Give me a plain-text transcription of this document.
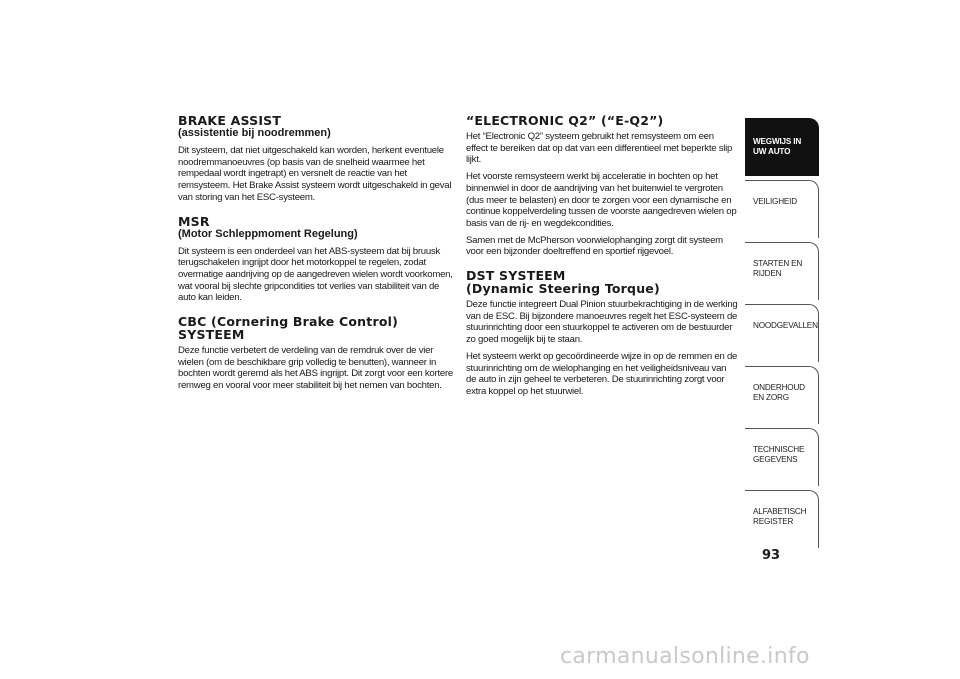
BRAKE ASSIST
(assistentie bij noodremmen)

Dit systeem, dat niet uitgeschakeld kan worden, herkent eventuele noodremmanoeuvres (op basis van de snelheid waarmee het rempedaal wordt ingetrapt) en versnelt de reactie van het remsysteem. Het Brake Assist systeem wordt uitgeschakeld in geval van storing van het ESC-systeem.

MSR
(Motor Schleppmoment Regelung)

Dit systeem is een onderdeel van het ABS-systeem dat bij bruusk terugschakelen ingrijpt door het motorkoppel te regelen, zodat overmatige aandrijving op de aangedreven wielen wordt voorkomen, wat vooral bij slechte gripcondities tot verlies van stabiliteit van de auto kan leiden.

CBC (Cornering Brake Control)
SYSTEEM

Deze functie verbetert de verdeling van de remdruk over de vier wielen (om de beschikbare grip volledig te benutten), wanneer in bochten wordt geremd als het ABS ingrijpt. Dit zorgt voor een kortere remweg en vooral voor meer stabiliteit bij het nemen van bochten.

“ELECTRONIC Q2” (“E-Q2”)

Het “Electronic Q2” systeem gebruikt het remsysteem om een effect te bereiken dat op dat van een differentieel met beperkte slip lijkt.

Het voorste remsysteem werkt bij acceleratie in bochten op het binnenwiel in door de aandrijving van het buitenwiel te vergroten (dus meer te belasten) en door te zorgen voor een dynamische en continue koppelverdeling tussen de voorste aangedreven wielen op basis van de rij- en wegdekcondities.

Samen met de McPherson voorwielophanging zorgt dit systeem voor een bijzonder doeltreffend en sportief rijgevoel.

DST SYSTEEM
(Dynamic Steering Torque)

Deze functie integreert Dual Pinion stuurbekrachtiging in de werking van de ESC. Bij bijzondere manoeuvres regelt het ESC-systeem de stuurinrichting door een stuurkoppel te activeren om de bestuurder zo goed mogelijk bij te staan.

Het systeem werkt op gecoördineerde wijze in op de remmen en de stuurinrichting om de wielophanging en het veiligheidsniveau van de auto in zijn geheel te verbeteren. De stuurinrichting zorgt voor extra koppel op het stuurwiel.

WEGWIJS IN UW AUTO
VEILIGHEID
STARTEN EN RIJDEN
NOODGEVALLEN
ONDERHOUD EN ZORG
TECHNISCHE GEGEVENS
ALFABETISCH REGISTER
93
carmanualsonline.info
